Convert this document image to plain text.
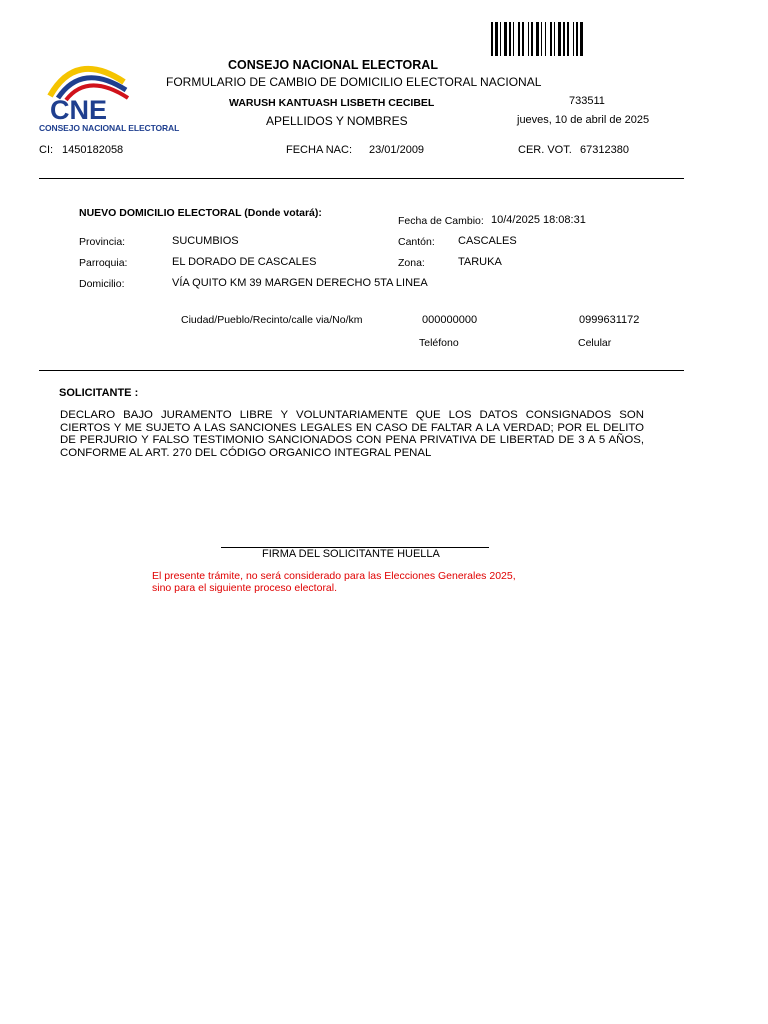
CNE
CONSEJO NACIONAL ELECTORAL
CONSEJO NACIONAL ELECTORAL
FORMULARIO DE CAMBIO DE DOMICILIO ELECTORAL NACIONAL
WARUSH KANTUASH LISBETH CECIBEL
APELLIDOS Y NOMBRES
733511
jueves, 10 de abril de 2025
CI: 1450182058	FECHA NAC: 23/01/2009	CER. VOT. 67312380
NUEVO DOMICILIO ELECTORAL (Donde votará):
Fecha de Cambio: 10/4/2025 18:08:31
Provincia:	SUCUMBIOS	Cantón: CASCALES
Parroquia:	EL DORADO DE CASCALES	Zona:	TARUKA
Domicilio:	VÍA QUITO KM 39 MARGEN DERECHO 5TA LINEA
Ciudad/Pueblo/Recinto/calle via/No/km	000000000	0999631172
Teléfono	Celular
SOLICITANTE :
DECLARO BAJO JURAMENTO LIBRE Y VOLUNTARIAMENTE QUE LOS DATOS CONSIGNADOS SON CIERTOS Y ME SUJETO A LAS SANCIONES LEGALES EN CASO DE FALTAR A LA VERDAD; POR EL DELITO DE PERJURIO Y FALSO TESTIMONIO SANCIONADOS CON PENA PRIVATIVA DE LIBERTAD DE 3 A 5 AÑOS, CONFORME AL ART. 270 DEL CÓDIGO ORGANICO INTEGRAL PENAL
FIRMA DEL SOLICITANTE HUELLA
El presente trámite, no será considerado para las Elecciones Generales 2025, sino para el siguiente proceso electoral.
